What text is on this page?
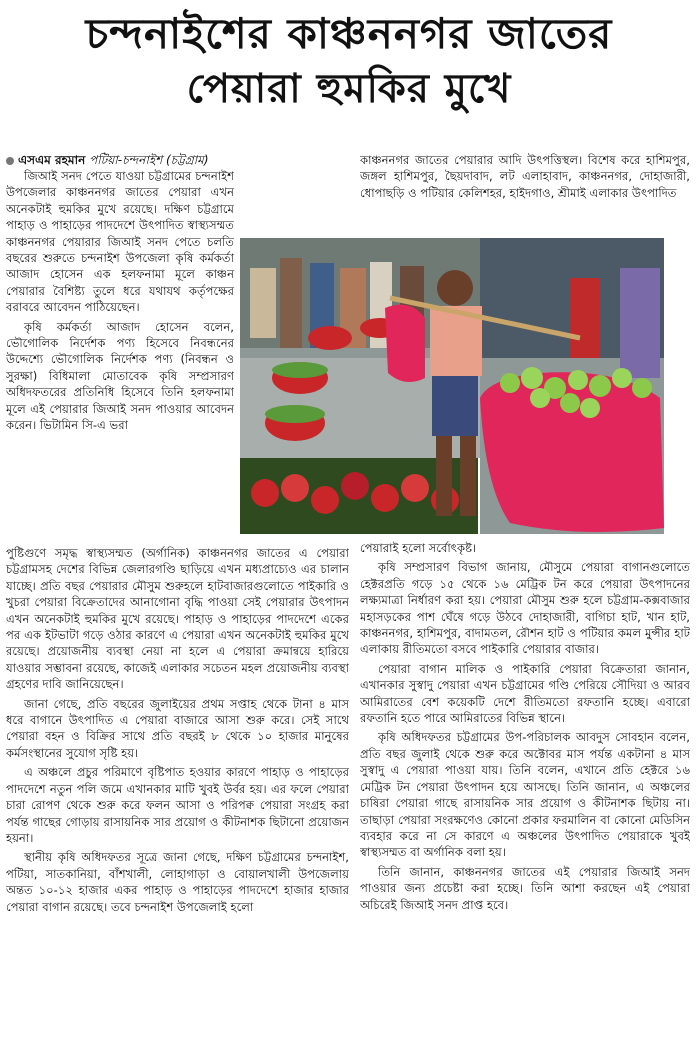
চন্দনাইশের কাঞ্চননগর জাতের
পেয়ারা হুমকির মুখে

এসএম রহমান পটিয়া-চন্দনাইশ (চট্টগ্রাম)

জিআই সনদ পেতে যাওয়া চট্টগ্রামের চন্দনাইশ উপজেলার কাঞ্চননগর জাতের পেয়ারা এখন অনেকটাই হুমকির মুখে রয়েছে। দক্ষিণ চট্টগ্রামে পাহাড় ও পাহাড়ের পাদদেশে উৎপাদিত স্বাস্থ্যসম্মত কাঞ্চননগর পেয়ারার জিআই সনদ পেতে চলতি বছরের শুরুতে চন্দনাইশ উপজেলা কৃষি কর্মকর্তা আজাদ হোসেন এক হলফনামা মূলে কাঞ্চন পেয়ারার বৈশিষ্ট্য তুলে ধরে যথাযথ কর্তৃপক্ষের বরাবরে আবেদন পাঠিয়েছেন।

কৃষি কর্মকর্তা আজাদ হোসেন বলেন, ভৌগোলিক নির্দেশক পণ্য হিসেবে নিবন্ধনের উদ্দেশ্যে ভৌগোলিক নির্দেশক পণ্য (নিবন্ধন ও সুরক্ষা) বিধিমালা মোতাবেক কৃষি সম্প্রসারণ অধিদফতরের প্রতিনিধি হিসেবে তিনি হলফনামা মূলে এই পেয়ারার জিআই সনদ পাওয়ার আবেদন করেন। ভিটামিন সি-এ ভরা

পুষ্টিগুণে সমৃদ্ধ স্বাস্থ্যসম্মত (অর্গানিক) কাঞ্চননগর জাতের এ পেয়ারা চট্টগ্রামসহ দেশের বিভিন্ন জেলারগণ্ডি ছাড়িয়ে এখন মধ্যপ্রাচ্যেও এর চালান যাচ্ছে। প্রতি বছর পেয়ারার মৌসুম শুরুহলে হাটবাজারগুলোতে পাইকারি ও খুচরা পেয়ারা বিক্রেতাদের আনাগোনা বৃদ্ধি পাওয়া সেই পেয়ারার উৎপাদন এখন অনেকটাই হুমকির মুখে রয়েছে। পাহাড় ও পাহাড়ের পাদদেশে একের পর এক ইটভাটা গড়ে ওঠার কারণে এ পেয়ারা এখন অনেকটাই হুমকির মুখে রয়েছে। প্রয়োজনীয় ব্যবস্থা নেয়া না হলে এ পেয়ারা ক্রমান্বয়ে হারিয়ে যাওয়ার সম্ভাবনা রয়েছে, কাজেই এলাকার সচেতন মহল প্রয়োজনীয় ব্যবস্থা গ্রহণের দাবি জানিয়েছেন।

জানা গেছে, প্রতি বছরের জুলাইয়ের প্রথম সপ্তাহ থেকে টানা ৪ মাস ধরে বাগানে উৎপাদিত এ পেয়ারা বাজারে আসা শুরু করে। সেই সাথে পেয়ারা বহন ও বিক্রির সাথে প্রতি বছরই ৮ থেকে ১০ হাজার মানুষের কর্মসংস্থানের সুযোগ সৃষ্টি হয়।

এ অঞ্চলে প্রচুর পরিমাণে বৃষ্টিপাত হওয়ার কারণে পাহাড় ও পাহাড়ের পাদদেশে নতুন পলি জমে এখানকার মাটি খুবই উর্বর হয়। এর ফলে পেয়ারা চারা রোপণ থেকে শুরু করে ফলন আসা ও পরিপক্ব পেয়ারা সংগ্রহ করা পর্যন্ত গাছের গোড়ায় রাসায়নিক সার প্রয়োগ ও কীটনাশক ছিটানো প্রয়োজন হয়না।

স্থানীয় কৃষি অধিদফতর সূত্রে জানা গেছে, দক্ষিণ চট্টগ্রামের চন্দনাইশ, পটিয়া, সাতকানিয়া, বাঁশখালী, লোহাগাড়া ও বোয়ালখালী উপজেলায় অন্তত ১০-১২ হাজার একর পাহাড় ও পাহাড়ের পাদদেশে হাজার হাজার পেয়ারা বাগান রয়েছে। তবে চন্দনাইশ উপজেলাই হলো

কাঞ্চননগর জাতের পেয়ারার আদি উৎপত্তিস্থল। বিশেষ করে হাশিমপুর, জঙ্গল হাশিমপুর, ছৈয়দাবাদ, লট এলাহাবাদ, কাঞ্চননগর, দোহাজারী, ধোপাছড়ি ও পটিয়ার কেলিশহর, হাইদগাও, শ্রীমাই এলাকার উৎপাদিত

পেয়ারাই হলো সর্বোৎকৃষ্ট।

কৃষি সম্প্রসারণ বিভাগ জানায়, মৌসুমে পেয়ারা বাগানগুলোতে হেক্টরপ্রতি গড়ে ১৫ থেকে ১৬ মেট্রিক টন করে পেয়ারা উৎপাদনের লক্ষ্যমাত্রা নির্ধারণ করা হয়। পেয়ারা মৌসুম শুরু হলে চট্টগ্রাম-কক্সবাজার মহাসড়কের পাশ ঘেঁষে গড়ে উঠবে দোহাজারী, বাগিচা হাট, খান হাট, কাঞ্চননগর, হাশিমপুর, বাদামতল, রৌশন হাট ও পটিয়ার কমল মুন্সীর হাট এলাকায় রীতিমতো বসবে পাইকারি পেয়ারার বাজার।

পেয়ারা বাগান মালিক ও পাইকারি পেয়ারা বিক্রেতারা জানান, এখানকার সুস্বাদু পেয়ারা এখন চট্টগ্রামের গণ্ডি পেরিয়ে সৌদিয়া ও আরব আমিরাতের বেশ কয়েকটি দেশে রীতিমতো রফতানি হচ্ছে। এবারো রফতানি হতে পারে আমিরাতের বিভিন্ন স্থানে।

কৃষি অধিদফতর চট্টগ্রামের উপ-পরিচালক আবদুস সোবহান বলেন, প্রতি বছর জুলাই থেকে শুরু করে অক্টোবর মাস পর্যন্ত একটানা ৪ মাস সুস্বাদু এ পেয়ারা পাওয়া যায়। তিনি বলেন, এখানে প্রতি হেক্টরে ১৬ মেট্রিক টন পেয়ারা উৎপাদন হয়ে আসছে। তিনি জানান, এ অঞ্চলের চাষিরা পেয়ারা গাছে রাসায়নিক সার প্রয়োগ ও কীটনাশক ছিটায় না। তাছাড়া পেয়ারা সংরক্ষণেও কোনো প্রকার ফরমালিন বা কোনো মেডিসিন ব্যবহার করে না সে কারণে এ অঞ্চলের উৎপাদিত পেয়ারাকে খুবই স্বাস্থ্যসম্মত বা অর্গানিক বলা হয়।

তিনি জানান, কাঞ্চননগর জাতের এই পেয়ারার জিআই সনদ পাওয়ার জন্য প্রচেষ্টা করা হচ্ছে। তিনি আশা করছেন এই পেয়ারা অচিরেই জিআই সনদ প্রাপ্ত হবে।
